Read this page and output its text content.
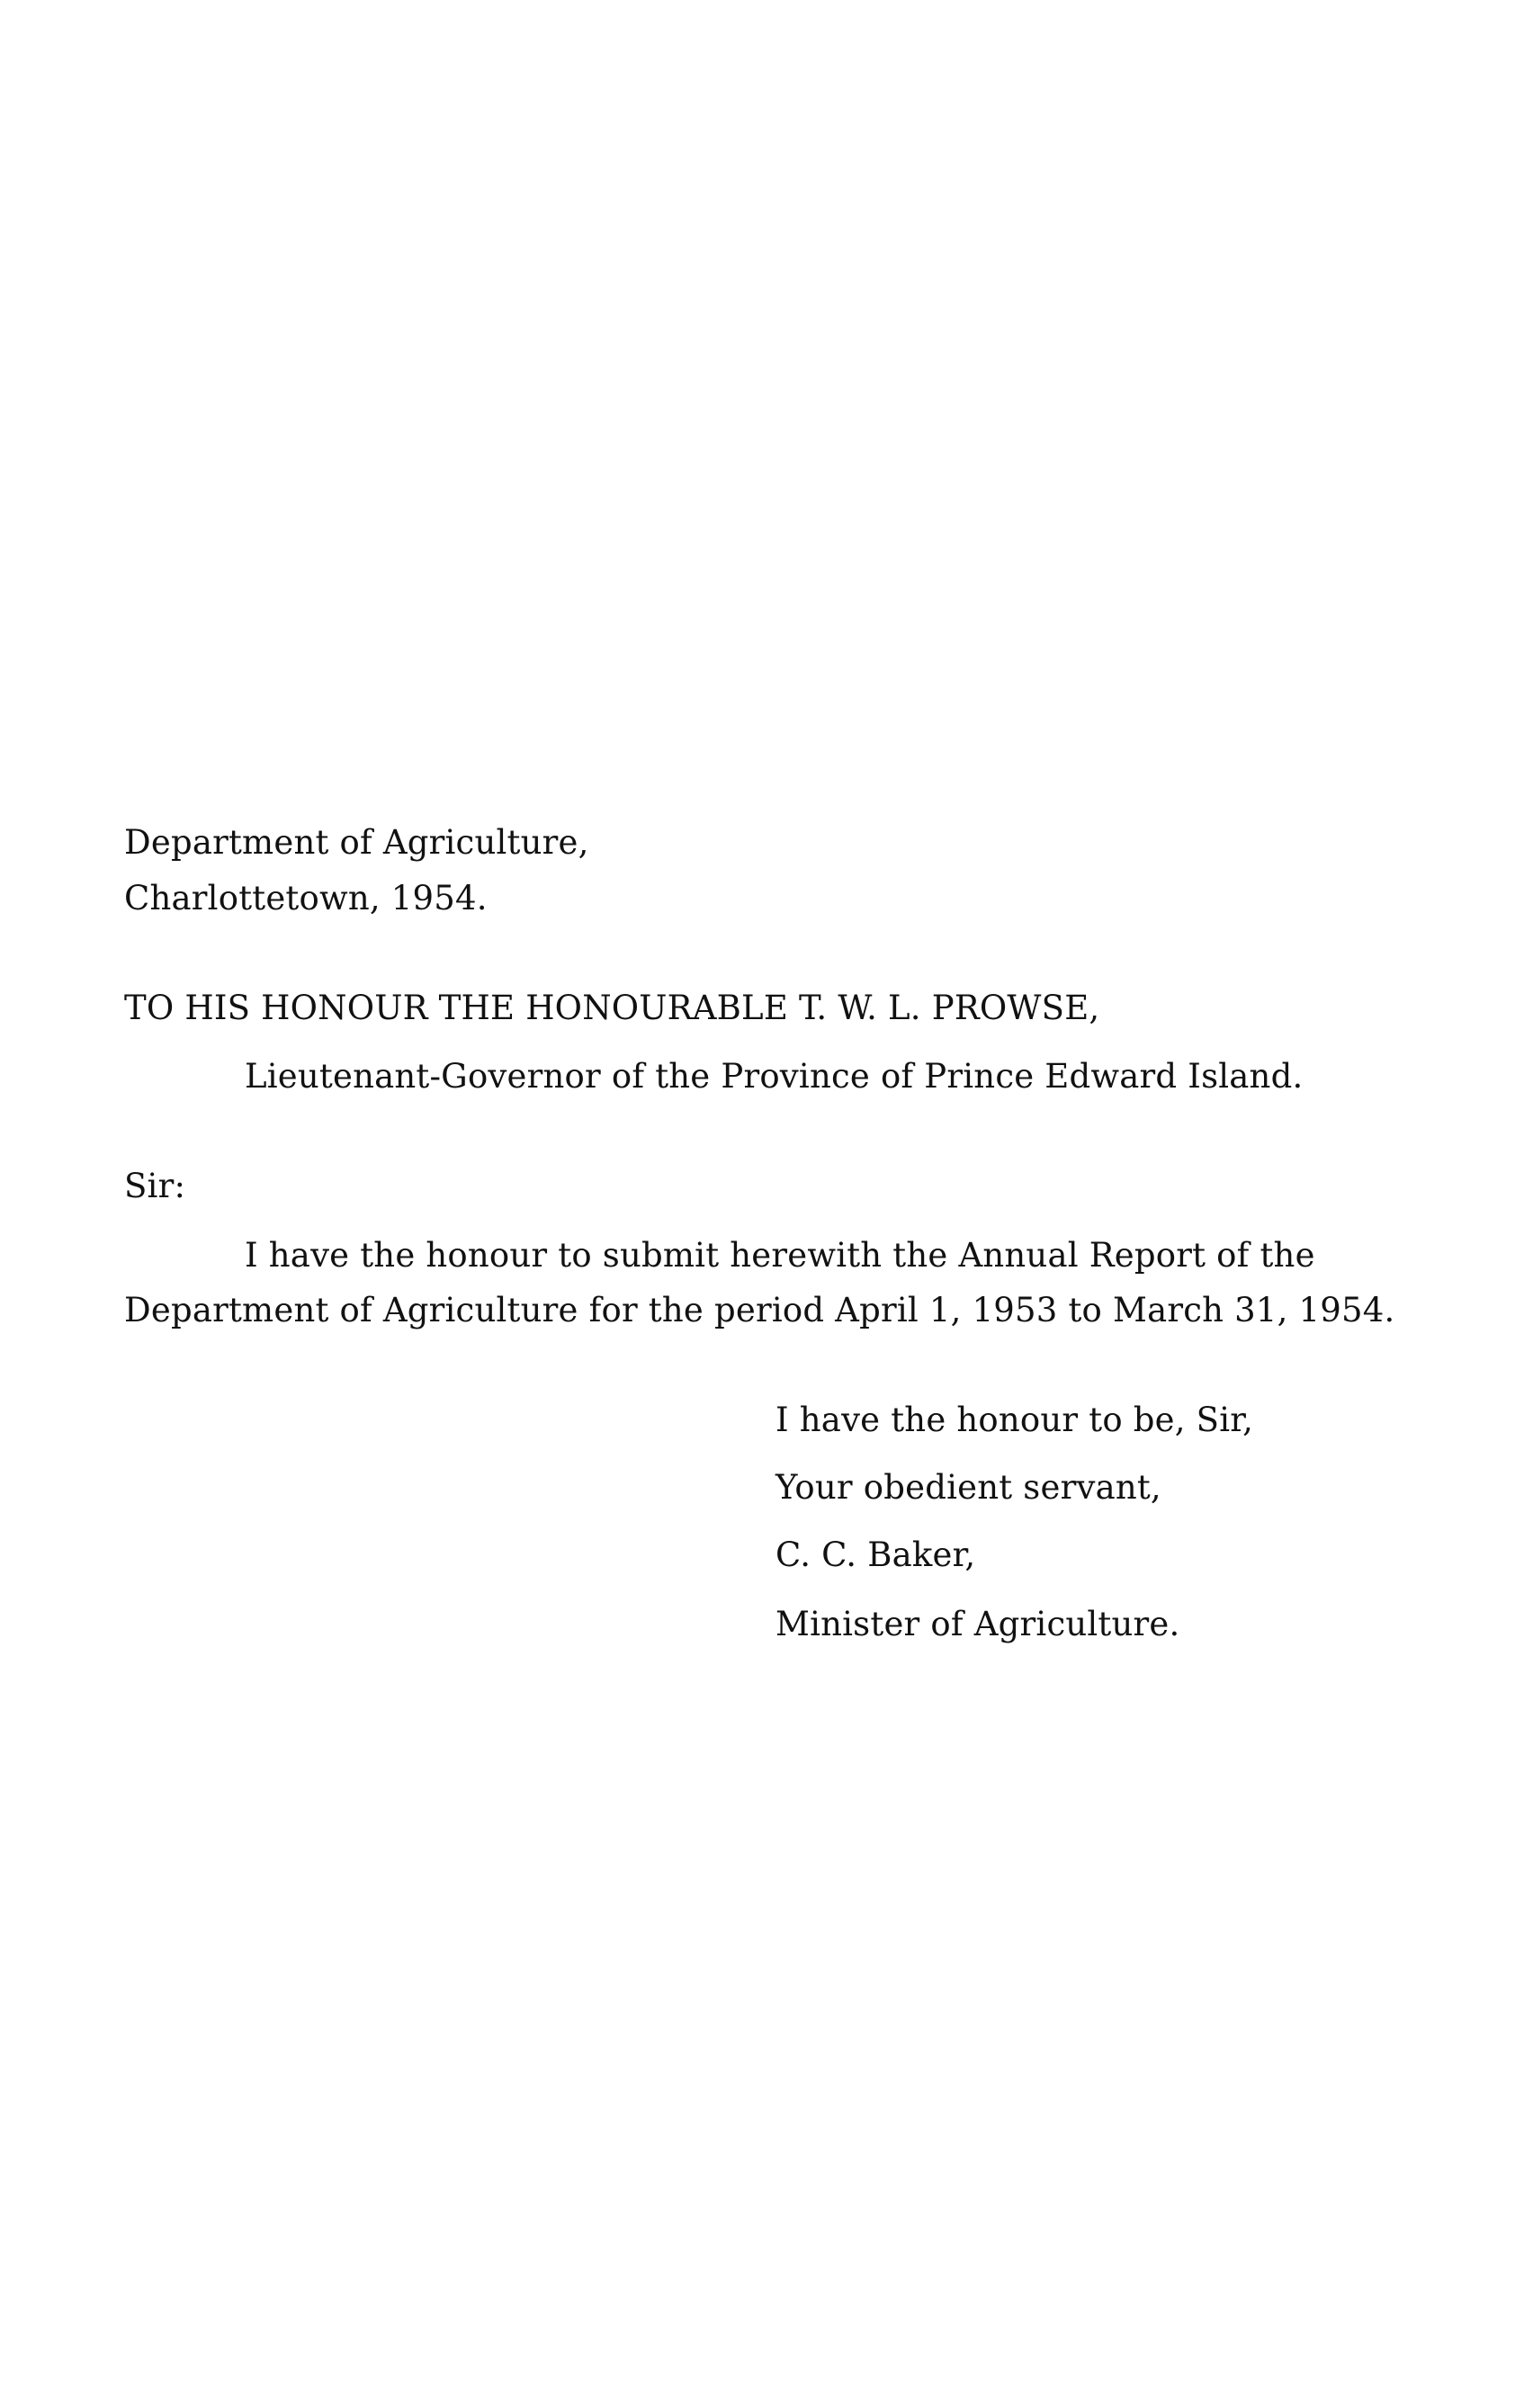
Department of Agriculture,
Charlottetown, 1954.
TO HIS HONOUR THE HONOURABLE T. W. L. PROWSE,
Lieutenant-Governor of the Province of Prince Edward Island.
Sir:
I have the honour to submit herewith the Annual Report of the
Department of Agriculture for the period April 1, 1953 to March 31, 1954.
I have the honour to be, Sir,
Your obedient servant,
C. C. Baker,
Minister of Agriculture.
